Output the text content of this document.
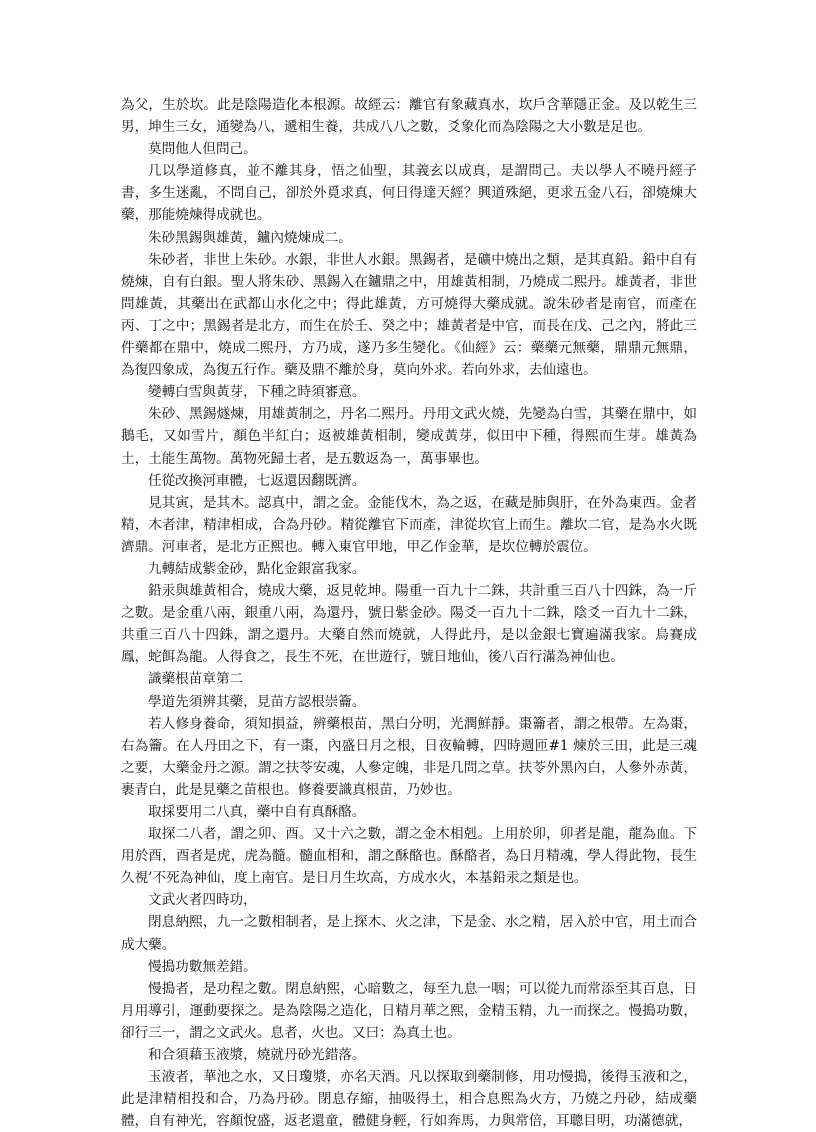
為父，生於坎。此是陰陽造化本根源。故經云：離官有象藏真水，坎戶含華隱正金。及以乾生三男，坤生三女，通變為八，遞相生養，共成八八之數，爻象化而為陰陽之大小數是足也。

莫問他人但問己。

几以學道修真，並不離其身，悟之仙聖，其義玄以成真，是謂問己。夫以學人不曉丹經子書，多生迷亂，不問自己，卻於外覓求真，何日得達天經？興道殊絕，更求五金八石，卻燒煉大藥，那能燒煉得成就也。

朱砂黑錫與雄黃，鑪內燒煉成二。

朱砂者，非世上朱砂。水銀，非世人水銀。黑錫者，是礦中燒出之類，是其真鉛。鉛中自有燒煉，自有白銀。聖人將朱砂、黑錫入在鑪鼎之中，用雄黃相制，乃燒成二熙丹。雄黃者，非世問雄黃，其藥出在武都山水化之中；得此雄黃，方可燒得大藥成就。說朱砂者是南官，而產在丙、丁之中；黑錫者是北方，而生在於壬、癸之中；雄黃者是中官，而長在戊、己之內，將此三件藥都在鼎中，燒成二熙丹，方乃成，遂乃多生變化。《仙經》云：藥藥元無藥，鼎鼎元無鼎，為復四象成，為復五行作。藥及鼎不離於身，莫向外求。若向外求，去仙遠也。

變轉白雪與黃芽，下種之時須審意。

朱砂、黑錫燧煉，用雄黃制之，丹名二熙丹。丹用文武火燒，先變為白雪，其藥在鼎中，如鵝毛，又如雪片，顏色半紅白；返被雄黃相制，變成黃芽，似田中下種，得熙而生芽。雄黃為土，土能生萬物。萬物死歸土者，是五數返為一，萬事畢也。

任從改換河車體，七返還因翻既濟。

見其寅，是其木。認真中，謂之金。金能伐木，為之返，在藏是肺與肝，在外為東西。金者精，木者津，精津相成，合為丹砂。精從離官下而產，津從坎官上而生。離坎二官，是為水火既濟鼎。河車者，是北方正熙也。轉入東官甲地，甲乙作金華，是坎位轉於震位。

九轉結成紫金砂，點化金銀富我家。

鉛汞與雄黃相合，燒成大藥，返見乾坤。陽重一百九十二銖，共計重三百八十四銖，為一斤之數。是金重八兩，銀重八兩，為還丹，號日紫金砂。陽爻一百九十二銖，陰爻一百九十二銖，共重三百八十四銖，謂之還丹。大藥自然而燒就，人得此丹，是以金銀七寶遍滿我家。烏賽成鳳，蛇餌為龍。人得食之，長生不死，在世遊行，號日地仙，後八百行滿為神仙也。

識藥根苗章第二

學道先須辨其藥，見苗方認根崇籥。

若人修身養命，須知損益，辨藥根苗，黑白分明，光潤鮮靜。棗籥者，謂之根帶。左為棗，右為籥。在人丹田之下，有一棗，內盛日月之根，日夜輪轉，四時週匝#1 煉於三田，此是三魂之要，大藥金丹之源。謂之扶苓安魂，人參定魄，非是几問之草。扶苓外黑內白，人參外赤黃，裹青白，此是見藥之苗根也。修養要識真根苗，乃妙也。

取採要用二八真，藥中自有真酥酪。

取探二八者，謂之卯、酉。又十六之數，謂之金木相剋。上用於卯，卯者是龍，龍為血。下用於酉，酉者是虎，虎為髓。髓血相和，謂之酥酪也。酥酪者，為日月精魂，學人得此物，長生久視’不死為神仙，度上南官。是日月生坎高，方成水火，本基鉛汞之類是也。

文武火者四時功，

閉息納熙，九一之數相制者，是上探木、火之津，下是金、水之精，居入於中官，用土而合成大藥。

慢搗功數無差錯。

慢搗者，是功程之數。閉息納熙，心暗數之，每至九息一咽；可以從九而常添至其百息，日月用導引，運動要探之。是為陰陽之造化，日精月華之熙，金精玉精，九一而探之。慢搗功數，卻行三一，謂之文武火。息者，火也。又曰：為真土也。

和合須藉玉液漿，燒就丹砂光錯落。

玉液者，華池之水，又日瓊漿，亦名天酒。凡以探取到藥制修，用功慢搗，後得玉液和之，此是津精相投和合，乃為丹砂。閉息存縮，抽吸得土，相合息熙為火方，乃燒之丹砂，結成藥體，自有神光，容顏悅盛，返老還童，體健身輕，行如奔馬，力與常倍，耳聰目明，功滿德就，
